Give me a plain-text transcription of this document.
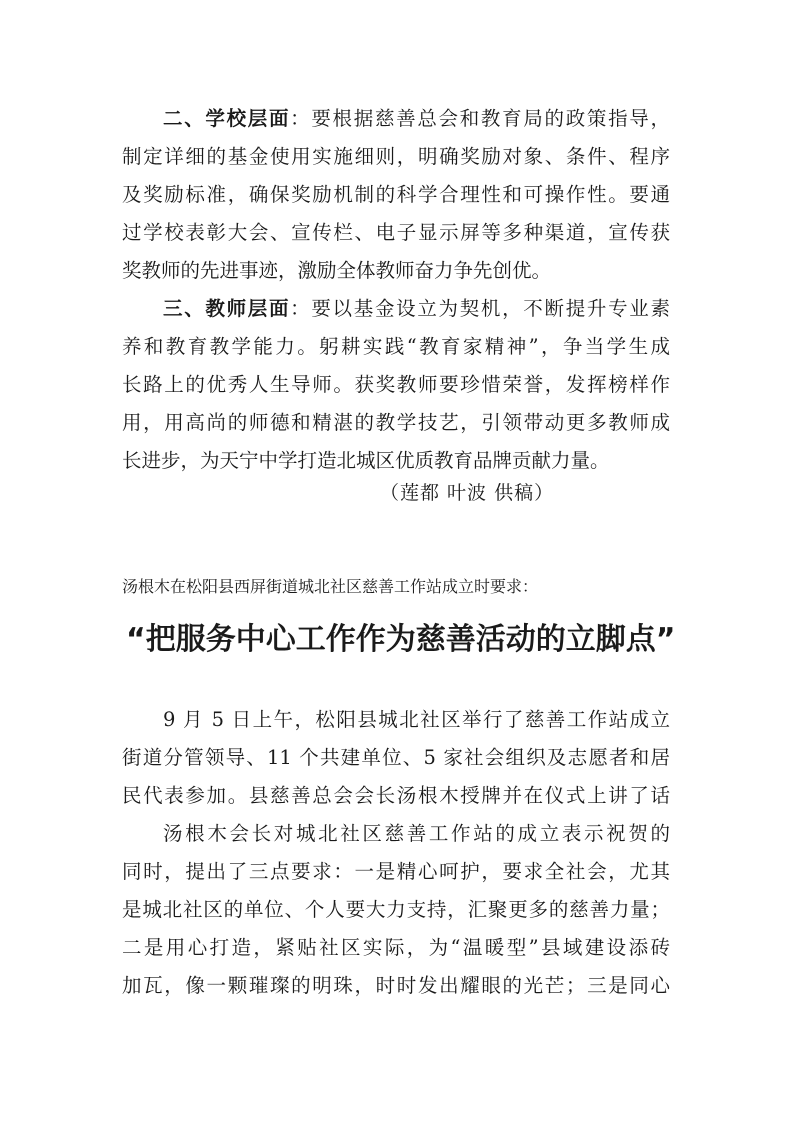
二、学校层面：要根据慈善总会和教育局的政策指导，
制定详细的基金使用实施细则，明确奖励对象、条件、程序
及奖励标准，确保奖励机制的科学合理性和可操作性。要通
过学校表彰大会、宣传栏、电子显示屏等多种渠道，宣传获
奖教师的先进事迹，激励全体教师奋力争先创优。
三、教师层面：要以基金设立为契机，不断提升专业素
养和教育教学能力。躬耕实践“教育家精神”，争当学生成
长路上的优秀人生导师。获奖教师要珍惜荣誉，发挥榜样作
用，用高尚的师德和精湛的教学技艺，引领带动更多教师成
长进步，为天宁中学打造北城区优质教育品牌贡献力量。
（莲都 叶波 供稿）
汤根木在松阳县西屏街道城北社区慈善工作站成立时要求：
“把服务中心工作作为慈善活动的立脚点”
9 月 5 日上午，松阳县城北社区举行了慈善工作站成立
街道分管领导、11 个共建单位、5 家社会组织及志愿者和居
民代表参加。县慈善总会会长汤根木授牌并在仪式上讲了话
汤根木会长对城北社区慈善工作站的成立表示祝贺的
同时，提出了三点要求：一是精心呵护，要求全社会，尤其
是城北社区的单位、个人要大力支持，汇聚更多的慈善力量；
二是用心打造，紧贴社区实际，为“温暖型”县域建设添砖
加瓦，像一颗璀璨的明珠，时时发出耀眼的光芒；三是同心
